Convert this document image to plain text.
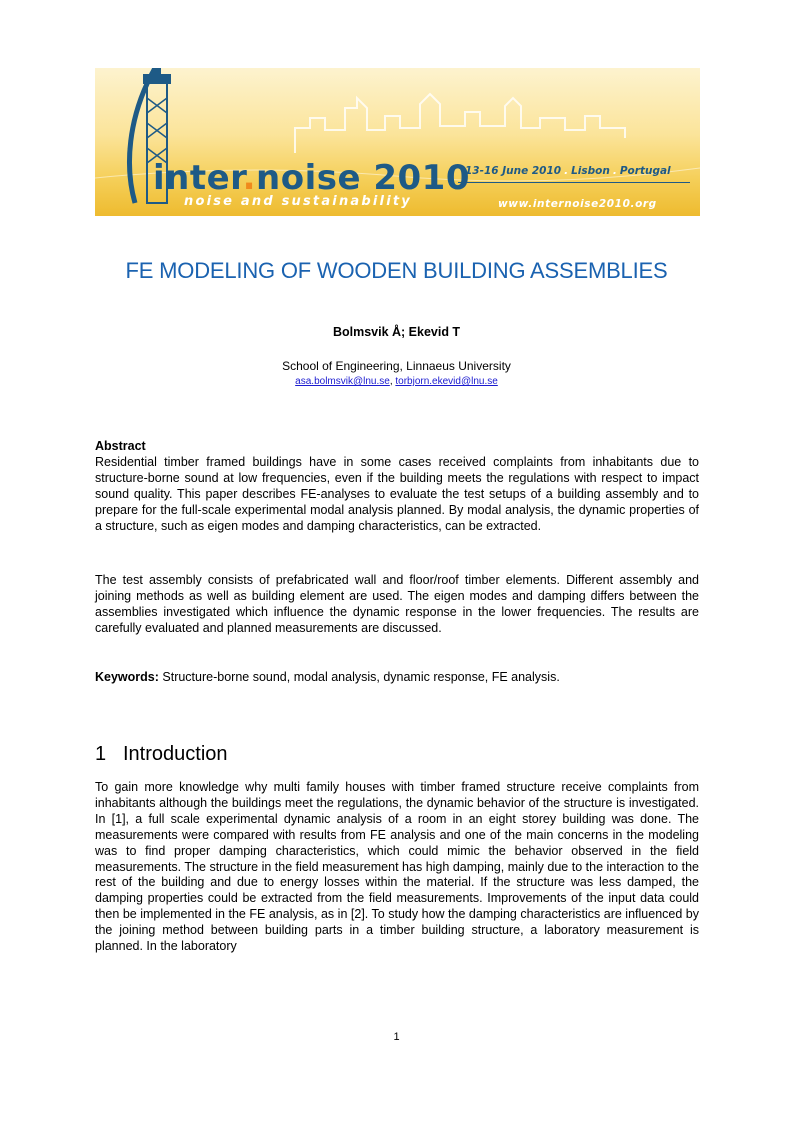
inter.noise 2010
13-16 June 2010 . Lisbon . Portugal
noise and sustainability	www.internoise2010.org
FE MODELING OF WOODEN BUILDING ASSEMBLIES
Bolmsvik Å; Ekevid T
School of Engineering, Linnaeus University
asa.bolmsvik@lnu.se, torbjorn.ekevid@lnu.se
Abstract
Residential timber framed buildings have in some cases received complaints from inhabitants due to structure-borne sound at low frequencies, even if the building meets the regulations with respect to impact sound quality. This paper describes FE-analyses to evaluate the test setups of a building assembly and to prepare for the full-scale experimental modal analysis planned. By modal analysis, the dynamic properties of a structure, such as eigen modes and damping characteristics, can be extracted.
The test assembly consists of prefabricated wall and floor/roof timber elements. Different assembly and joining methods as well as building element are used. The eigen modes and damping differs between the assemblies investigated which influence the dynamic response in the lower frequencies. The results are carefully evaluated and planned measurements are discussed.
Keywords: Structure-borne sound, modal analysis, dynamic response, FE analysis.
1 Introduction
To gain more knowledge why multi family houses with timber framed structure receive complaints from inhabitants although the buildings meet the regulations, the dynamic behavior of the structure is investigated. In [1], a full scale experimental dynamic analysis of a room in an eight storey building was done. The measurements were compared with results from FE analysis and one of the main concerns in the modeling was to find proper damping characteristics, which could mimic the behavior observed in the field measurements. The structure in the field measurement has high damping, mainly due to the interaction to the rest of the building and due to energy losses within the material. If the structure was less damped, the damping properties could be extracted from the field measurements. Improvements of the input data could then be implemented in the FE analysis, as in [2]. To study how the damping characteristics are influenced by the joining method between building parts in a timber building structure, a laboratory measurement is planned. In the laboratory
1
